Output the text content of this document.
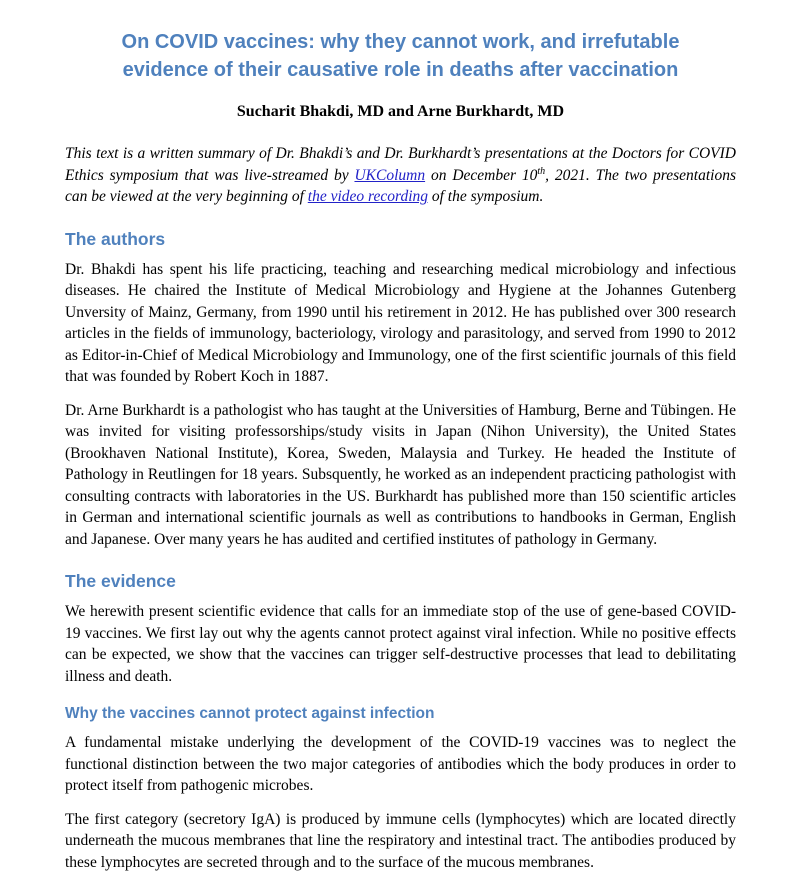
On COVID vaccines: why they cannot work, and irrefutable evidence of their causative role in deaths after vaccination
Sucharit Bhakdi, MD and Arne Burkhardt, MD

This text is a written summary of Dr. Bhakdi’s and Dr. Burkhardt’s presentations at the Doctors for COVID Ethics symposium that was live-streamed by UKColumn on December 10th, 2021. The two presentations can be viewed at the very beginning of the video recording of the symposium.

The authors

Dr. Bhakdi has spent his life practicing, teaching and researching medical microbiology and infectious diseases. He chaired the Institute of Medical Microbiology and Hygiene at the Johannes Gutenberg Unversity of Mainz, Germany, from 1990 until his retirement in 2012. He has published over 300 research articles in the fields of immunology, bacteriology, virology and parasitology, and served from 1990 to 2012 as Editor-in-Chief of Medical Microbiology and Immunology, one of the first scientific journals of this field that was founded by Robert Koch in 1887.

Dr. Arne Burkhardt is a pathologist who has taught at the Universities of Hamburg, Berne and Tübingen. He was invited for visiting professorships/study visits in Japan (Nihon University), the United States (Brookhaven National Institute), Korea, Sweden, Malaysia and Turkey. He headed the Institute of Pathology in Reutlingen for 18 years. Subsquently, he worked as an independent practicing pathologist with consulting contracts with laboratories in the US. Burkhardt has published more than 150 scientific articles in German and international scientific journals as well as contributions to handbooks in German, English and Japanese. Over many years he has audited and certified institutes of pathology in Germany.

The evidence

We herewith present scientific evidence that calls for an immediate stop of the use of gene-based COVID-19 vaccines. We first lay out why the agents cannot protect against viral infection. While no positive effects can be expected, we show that the vaccines can trigger self-destructive processes that lead to debilitating illness and death.

Why the vaccines cannot protect against infection

A fundamental mistake underlying the development of the COVID-19 vaccines was to neglect the functional distinction between the two major categories of antibodies which the body produces in order to protect itself from pathogenic microbes.

The first category (secretory IgA) is produced by immune cells (lymphocytes) which are located directly underneath the mucous membranes that line the respiratory and intestinal tract. The antibodies produced by these lymphocytes are secreted through and to the surface of the mucous membranes.
